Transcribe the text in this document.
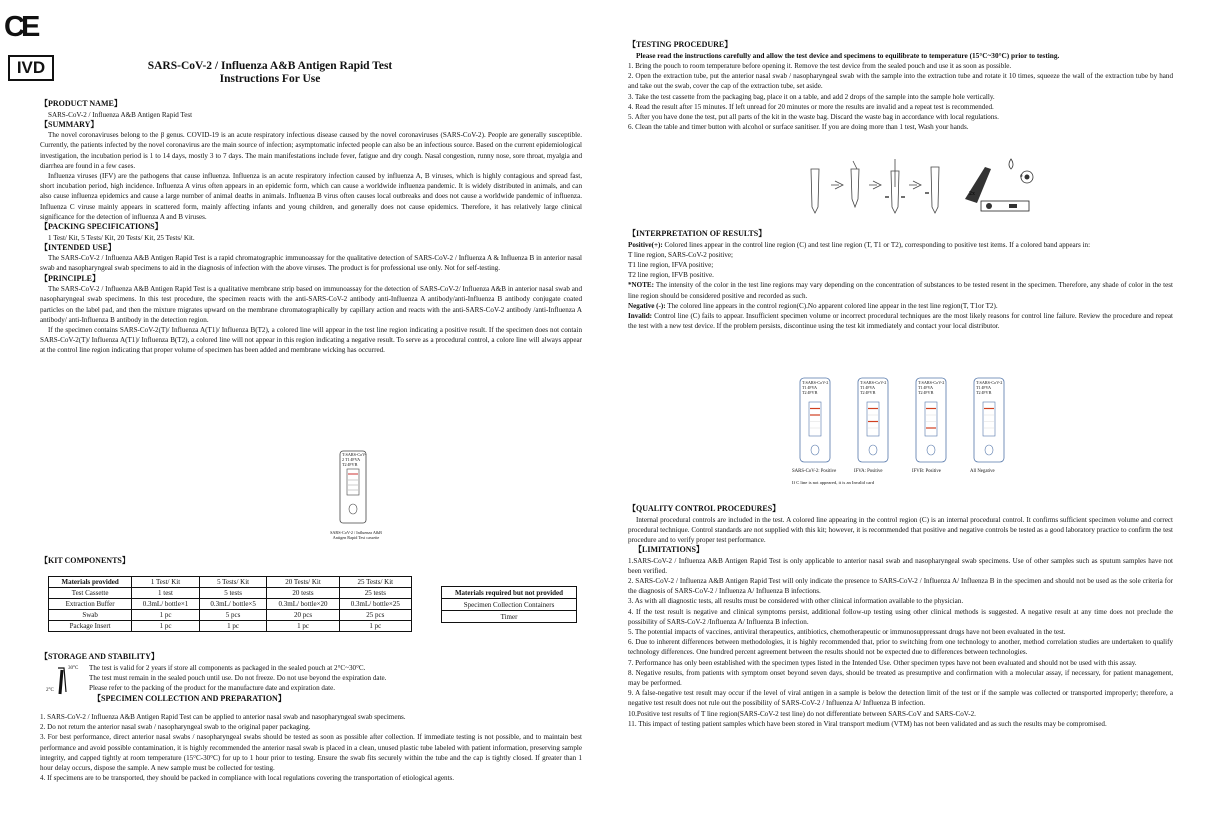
CE
IVD	SARS-CoV-2 / Influenza A&B Antigen Rapid Test
Instructions For Use

【PRODUCT NAME】

SARS-CoV-2 / Influenza A&B Antigen Rapid Test

【SUMMARY】

The novel coronaviruses belong to the β genus. COVID-19 is an acute respiratory infectious disease caused by the novel coronaviruses (SARS-CoV-2). People are generally susceptible. Currently, the patients infected by the novel coronavirus are the main source of infection; asymptomatic infected people can also be an infectious source. Based on the current epidemiological investigation, the incubation period is 1 to 14 days, mostly 3 to 7 days. The main manifestations include fever, fatigue and dry cough. Nasal congestion, runny nose, sore throat, myalgia and diarrhea are found in a few cases.

Influenza viruses (IFV) are the pathogens that cause influenza. Influenza is an acute respiratory infection caused by influenza A, B viruses, which is highly contagious and spread fast, short incubation period, high incidence. Influenza A virus often appears in an epidemic form, which can cause a worldwide influenza pandemic. It is widely distributed in animals, and can also cause influenza epidemics and cause a large number of animal deaths in animals. Influenza B virus often causes local outbreaks and does not cause a worldwide pandemic of influenza. Influenza C viruse mainly appears in scattered form, mainly affecting infants and young children, and generally does not cause epidemics. Therefore, it has relatively large clinical significance for the detection of influenza A and B viruses.

【PACKING SPECIFICATIONS】

1 Test/ Kit, 5 Tests/ Kit, 20 Tests/ Kit, 25 Tests/ Kit.

【INTENDED USE】

The SARS-CoV-2 / Influenza A&B Antigen Rapid Test is a rapid chromatographic immunoassay for the qualitative detection of SARS-CoV-2 / Influenza A & Influenza B in anterior nasal swab and nasopharyngeal swab specimens to aid in the diagnosis of infection with the above viruses. The product is for professional use only. Not for self-testing.

【PRINCIPLE】

The SARS-CoV-2 / Influenza A&B Antigen Rapid Test is a qualitative membrane strip based on immunoassay for the detection of SARS-CoV-2/ Influenza A&B in anterior nasal swab and nasopharyngeal swab specimens. In this test procedure, the specimen reacts with the anti-SARS-CoV-2 antibody anti-Influenza A antibody/anti-Influenza B antibody conjugate coated particles on the label pad, and then the mixture migrates upward on the membrane chromatographically by capillary action and reacts with the anti-SARS-CoV-2 antibody /anti-Influenza A antibody/ anti-Influenza B antibody in the detection region.

If the specimen contains SARS-CoV-2(T)/ Influenza A(T1)/ Influenza B(T2), a colored line will appear in the test line region indicating a positive result. If the specimen does not contain SARS-CoV-2(T)/ Influenza A(T1)/ Influenza B(T2), a colored line will not appear in this region indicating a negative result. To serve as a procedural control, a colore line will always appear at the control line region indicating that proper volume of specimen has been added and membrane wicking has occurred.

T:SARS-CoV-2 T1:IFVA T2:IFVB
SARS-CoV-2 / Influenza A&B Antigen Rapid Test cassette
【KIT COMPONENTS】
Materials provided	1 Test/ Kit	5 Tests/ Kit	20 Tests/ Kit	25 Tests/ Kit
Test Cassette	1 test	5 tests	20 tests	25 tests
Extraction Buffer	0.3mL/ bottle×1	0.3mL/ bottle×5	0.3mL/ bottle×20	0.3mL/ bottle×25
Swab	1 pc	5 pcs	20 pcs	25 pcs
Package Insert	1 pc	1 pc	1 pc	1 pc
Materials required but not provided
Specimen Collection Containers
Timer
【STORAGE AND STABILITY】
30°C
2°C

The test is valid for 2 years if store all components as packaged in the sealed pouch at 2°C~30°C.

The test must remain in the sealed pouch until use. Do not freeze. Do not use beyond the expiration date.

Please refer to the packing of the product for the manufacture date and expiration date.

【SPECIMEN COLLECTION AND PREPARATION】

1. SARS-CoV-2 / Influenza A&B Antigen Rapid Test can be applied to anterior nasal swab and nasopharyngeal swab specimens.

2. Do not return the anterior nasal swab / nasopharyngeal swab to the original paper packaging.

3. For best performance, direct anterior nasal swabs / nasopharyngeal swabs should be tested as soon as possible after collection. If immediate testing is not possible, and to maintain best performance and avoid possible contamination, it is highly recommended the anterior nasal swab is placed in a clean, unused plastic tube labeled with patient information, preserving sample integrity, and capped tightly at room temperature (15°C-30°C) for up to 1 hour prior to testing. Ensure the swab fits securely within the tube and the cap is tightly closed. If greater than 1 hour delay occurs, dispose the sample. A new sample must be collected for testing.

4. If specimens are to be transported, they should be packed in compliance with local regulations covering the transportation of etiological agents.

【TESTING PROCEDURE】

Please read the instructions carefully and allow the test device and specimens to equilibrate to temperature (15°C~30°C) prior to testing.

1. Bring the pouch to room temperature before opening it. Remove the test device from the sealed pouch and use it as soon as possible.

2. Open the extraction tube, put the anterior nasal swab / nasopharyngeal swab with the sample into the extraction tube and rotate it 10 times, squeeze the wall of the extraction tube by hand and take out the swab, cover the cap of the extraction tube, set aside.

3. Take the test cassette from the packaging bag, place it on a table, and add 2 drops of the sample into the sample hole vertically.

4. Read the result after 15 minutes. If left unread for 20 minutes or more the results are invalid and a repeat test is recommended.

5. After you have done the test, put all parts of the kit in the waste bag. Discard the waste bag in accordance with local regulations.

6. Clean the table and timer button with alcohol or surface sanitiser. If you are doing more than 1 test, Wash your hands.

2x
ø

【INTERPRETATION OF RESULTS】

Positive(+): Colored lines appear in the control line region (C) and test line region (T, T1 or T2), corresponding to positive test items. If a colored band appears in:

T line region, SARS-CoV-2 positive;

T1 line region, IFVA positive;

T2 line region, IFVB positive.

*NOTE: The intensity of the color in the test line regions may vary depending on the concentration of substances to be tested resent in the specimen. Therefore, any shade of color in the test line region should be considered positive and recorded as such.

Negative (-): The colored line appears in the control region(C).No apparent colored line appear in the test line region(T, T1or T2).

Invalid: Control line (C) fails to appear. Insufficient specimen volume or incorrect procedural techniques are the most likely reasons for control line failure. Review the procedure and repeat the test with a new test device. If the problem persists, discontinue using the test kit immediately and contact your local distributor.

T:SARS-CoV-2 T1:IFVA T2:IFVB
SARS-CoV-2: Positive
T:SARS-CoV-2 T1:IFVA T2:IFVB
IFVA: Positive
T:SARS-CoV-2 T1:IFVA T2:IFVB
IFVB: Positive
T:SARS-CoV-2 T1:IFVA T2:IFVB
All Negative
If C line is not appeared, it is an Invalid card

【QUALITY CONTROL PROCEDURES】

Internal procedural controls are included in the test. A colored line appearing in the control region (C) is an internal procedural control. It confirms sufficient specimen volume and correct procedural technique. Control standards are not supplied with this kit; however, it is recommended that positive and negative controls be tested as a good laboratory practice to confirm the test procedure and to verify proper test performance.

【LIMITATIONS】

1.SARS-CoV-2 / Influenza A&B Antigen Rapid Test is only applicable to anterior nasal swab and nasopharyngeal swab specimens. Use of other samples such as sputum samples have not been verified.

2. SARS-CoV-2 / Influenza A&B Antigen Rapid Test will only indicate the presence to SARS-CoV-2 / Influenza A/ Influenza B in the specimen and should not be used as the sole criteria for the diagnosis of SARS-CoV-2 / Influenza A/ Influenza B infections.

3. As with all diagnostic tests, all results must be considered with other clinical information available to the physician.

4. If the test result is negative and clinical symptoms persist, additional follow-up testing using other clinical methods is suggested. A negative result at any time does not preclude the possibility of SARS-CoV-2 /Influenza A/ Influenza B infection.

5. The potential impacts of vaccines, antiviral therapeutics, antibiotics, chemotherapeutic or immunosuppressant drugs have not been evaluated in the test.

6. Due to inherent differences between methodologies, it is highly recommended that, prior to switching from one technology to another, method correlation studies are undertaken to qualify technology differences. One hundred percent agreement between the results should not be expected due to differences between technologies.

7. Performance has only been established with the specimen types listed in the Intended Use. Other specimen types have not been evaluated and should not be used with this assay.

8. Negative results, from patients with symptom onset beyond seven days, should be treated as presumptive and confirmation with a molecular assay, if necessary, for patient management, may be performed.

9. A false-negative test result may occur if the level of viral antigen in a sample is below the detection limit of the test or if the sample was collected or transported improperly; therefore, a negative test result does not rule out the possibility of SARS-CoV-2 / Influenza A/ Influenza B infection.

10.Positive test results of T line region(SARS-CoV-2 test line) do not differentiate between SARS-CoV and SARS-CoV-2.

11. This impact of testing patient samples which have been stored in Viral transport medium (VTM) has not been validated and as such the results may be compromised.
